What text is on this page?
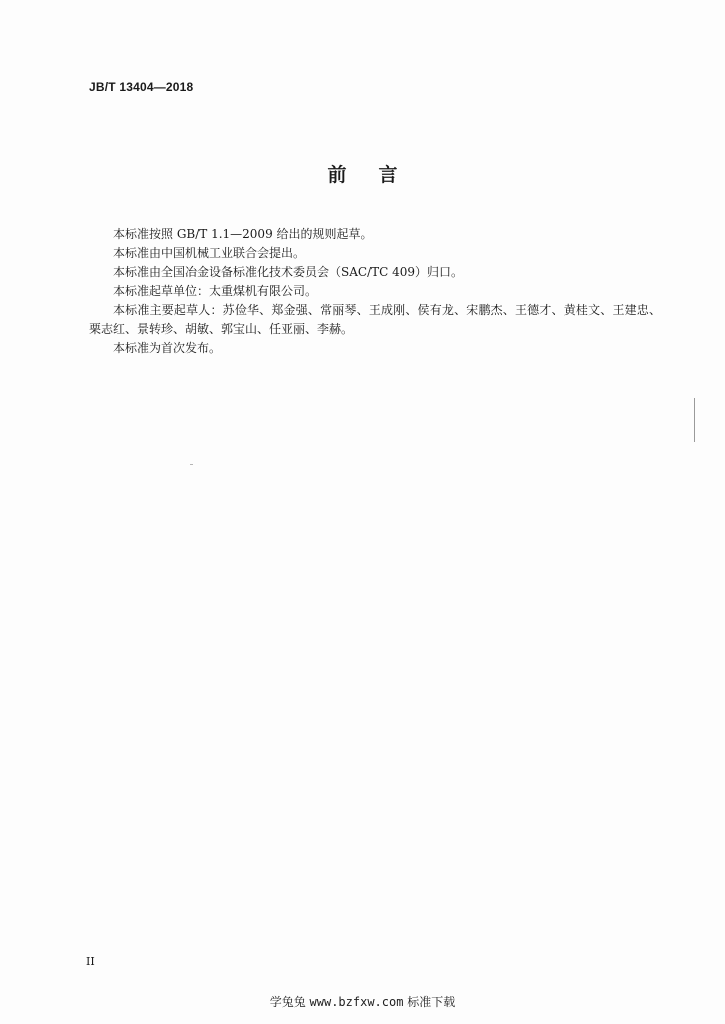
JB/T 13404—2018
前言

本标准按照 GB/T 1.1—2009 给出的规则起草。

本标准由中国机械工业联合会提出。

本标准由全国冶金设备标准化技术委员会（SAC/TC 409）归口。

本标准起草单位：太重煤机有限公司。

本标准主要起草人：苏俭华、郑金强、常丽琴、王成刚、侯有龙、宋鹏杰、王德才、黄桂文、王建忠、栗志红、景转珍、胡敏、郭宝山、任亚丽、李赫。

本标准为首次发布。

II
学兔兔 www.bzfxw.com 标准下载
